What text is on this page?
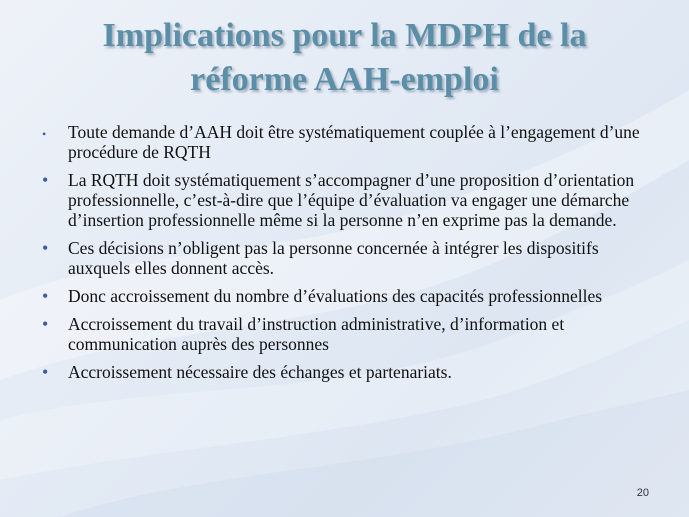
Implications pour la MDPH de la
réforme AAH-emploi
• Toute demande d’AAH doit être systématiquement couplée à l’engagement d’une procédure de RQTH
• La RQTH doit systématiquement s’accompagner d’une proposition d’orientation professionnelle, c’est-à-dire que l’équipe d’évaluation va engager une démarche d’insertion professionnelle même si la personne n’en exprime pas la demande.
• Ces décisions n’obligent pas la personne concernée à intégrer les dispositifs auxquels elles donnent accès.
• Donc accroissement du nombre d’évaluations des capacités professionnelles
• Accroissement du travail d’instruction administrative, d’information et communication auprès des personnes
• Accroissement nécessaire des échanges et partenariats.
20
